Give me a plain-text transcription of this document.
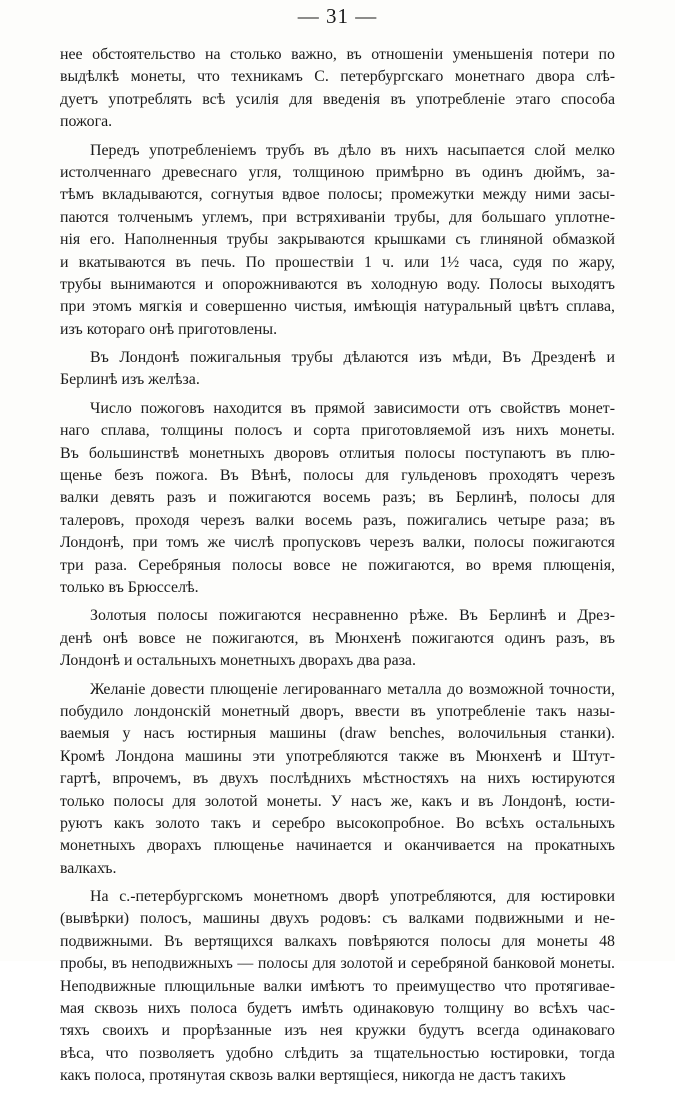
— 31 —
нее обстоятельство на столько важно, въ отношенiи уменьшенiя потери по
выдѣлкѣ монеты, что техникамъ С. петербургскаго монетнаго двора слѣ-
дуетъ употреблять всѣ усилiя для введенiя въ употребленiе этаго способа
пожога.
Передъ употребленiемъ трубъ въ дѣло въ нихъ насыпается слой мелко
истолченнаго древеснаго угля, толщиною примѣрно въ одинъ дюймъ, за-
тѣмъ вкладываются, согнутыя вдвое полосы; промежутки между ними засы-
паются толченымъ углемъ, при встряхиванiи трубы, для большаго уплотне-
нiя его. Наполненныя трубы закрываются крышками съ глиняной обмазкой
и вкатываются въ печь. По прошествiи 1 ч. или 1½ часа, судя по жару,
трубы вынимаются и опорожниваются въ холодную воду. Полосы выходятъ
при этомъ мягкiя и совершенно чистыя, имѣющiя натуральный цвѣтъ сплава,
изъ котораго онѣ приготовлены.
Въ Лондонѣ пожигальныя трубы дѣлаются изъ мѣди, Въ Дрезденѣ и
Берлинѣ изъ желѣза.
Число пожоговъ находится въ прямой зависимости отъ свойствъ монет-
наго сплава, толщины полосъ и сорта приготовляемой изъ нихъ монеты.
Въ большинствѣ монетныхъ дворовъ отлитыя полосы поступаютъ въ плю-
щенье безъ пожога. Въ Вѣнѣ, полосы для гульденовъ проходятъ черезъ
валки девять разъ и пожигаются восемь разъ; въ Берлинѣ, полосы для
талеровъ, проходя черезъ валки восемь разъ, пожигались четыре раза; въ
Лондонѣ, при томъ же числѣ пропусковъ черезъ валки, полосы пожигаются
три раза. Серебряныя полосы вовсе не пожигаются, во время плющенiя,
только въ Брюсселѣ.
Золотыя полосы пожигаются несравненно рѣже. Въ Берлинѣ и Дрез-
денѣ онѣ вовсе не пожигаются, въ Мюнхенѣ пожигаются одинъ разъ, въ
Лондонѣ и остальныхъ монетныхъ дворахъ два раза.
Желанiе довести плющенiе легированнаго металла до возможной точности,
побудило лондонскiй монетный дворъ, ввести въ употребленiе такъ назы-
ваемыя у насъ юстирныя машины (draw benches, волочильныя станки).
Кромѣ Лондона машины эти употребляются также въ Мюнхенѣ и Штут-
гартѣ, впрочемъ, въ двухъ послѣднихъ мѣстностяхъ на нихъ юстируются
только полосы для золотой монеты. У насъ же, какъ и въ Лондонѣ, юсти-
руютъ какъ золото такъ и серебро высокопробное. Во всѣхъ остальныхъ
монетныхъ дворахъ плющенье начинается и оканчивается на прокатныхъ
валкахъ.
На с.-петербургскомъ монетномъ дворѣ употребляются, для юстировки
(вывѣрки) полосъ, машины двухъ родовъ: съ валками подвижными и не-
подвижными. Въ вертящихся валкахъ повѣряются полосы для монеты 48
пробы, въ неподвижныхъ — полосы для золотой и серебряной банковой монеты.
Неподвижные плющильные валки имѣютъ то преимущество что протягивае-
мая сквозь нихъ полоса будетъ имѣть одинаковую толщину во всѣхъ час-
тяхъ своихъ и прорѣзанные изъ нея кружки будутъ всегда одинаковаго
вѣса, что позволяетъ удобно слѣдить за тщательностью юстировки, тогда
какъ полоса, протянутая сквозь валки вертящiеся, никогда не дастъ такихъ
